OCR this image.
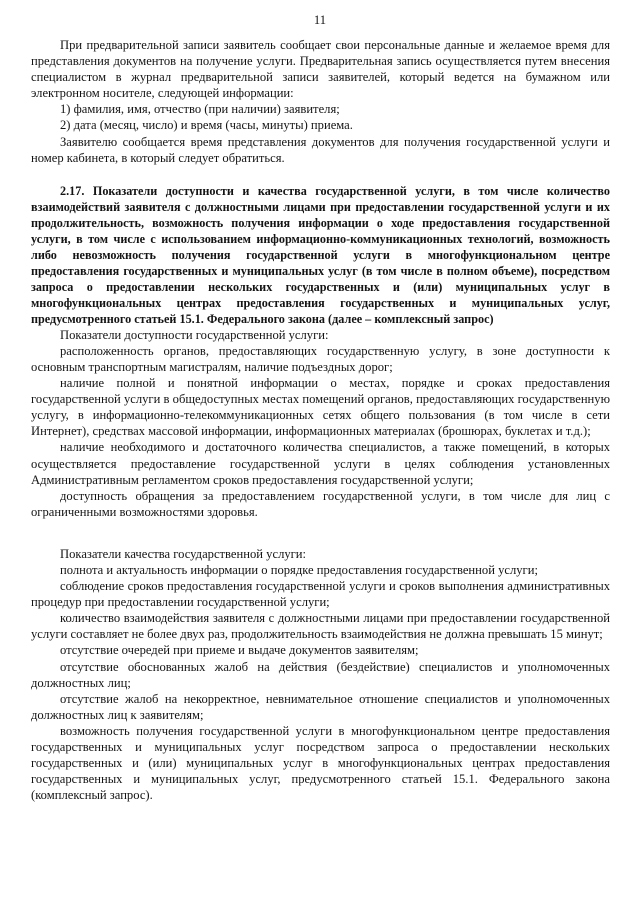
11

При предварительной записи заявитель сообщает свои персональные данные и желаемое время для представления документов на получение услуги. Предварительная запись осуществляется путем внесения специалистом в журнал предварительной записи заявителей, который ведется на бумажном или электронном носителе, следующей информации:

1) фамилия, имя, отчество (при наличии) заявителя;

2) дата (месяц, число) и время (часы, минуты) приема.

Заявителю сообщается время представления документов для получения государственной услуги и номер кабинета, в который следует обратиться.

2.17. Показатели доступности и качества государственной услуги, в том числе количество взаимодействий заявителя с должностными лицами при предоставлении государственной услуги и их продолжительность, возможность получения информации о ходе предоставления государственной услуги, в том числе с использованием информационно-коммуникационных технологий, возможность либо невозможность получения государственной услуги в многофункциональном центре предоставления государственных и муниципальных услуг (в том числе в полном объеме), посредством запроса о предоставлении нескольких государственных и (или) муниципальных услуг в многофункциональных центрах предоставления государственных и муниципальных услуг, предусмотренного статьей 15.1. Федерального закона (далее – комплексный запрос)

Показатели доступности государственной услуги:

расположенность органов, предоставляющих государственную услугу, в зоне доступности к основным транспортным магистралям, наличие подъездных дорог;

наличие полной и понятной информации о местах, порядке и сроках предоставления государственной услуги в общедоступных местах помещений органов, предоставляющих государственную услугу, в информационно-телекоммуникационных сетях общего пользования (в том числе в сети Интернет), средствах массовой информации, информационных материалах (брошюрах, буклетах и т.д.);

наличие необходимого и достаточного количества специалистов, а также помещений, в которых осуществляется предоставление государственной услуги в целях соблюдения установленных Административным регламентом сроков предоставления государственной услуги;

доступность обращения за предоставлением государственной услуги, в том числе для лиц с ограниченными возможностями здоровья.

Показатели качества государственной услуги:

полнота и актуальность информации о порядке предоставления государственной услуги;

соблюдение сроков предоставления государственной услуги и сроков выполнения административных процедур при предоставлении государственной услуги;

количество взаимодействия заявителя с должностными лицами при предоставлении государственной услуги составляет не более двух раз, продолжительность взаимодействия не должна превышать 15 минут;

отсутствие очередей при приеме и выдаче документов заявителям;

отсутствие обоснованных жалоб на действия (бездействие) специалистов и уполномоченных должностных лиц;

отсутствие жалоб на некорректное, невнимательное отношение специалистов и уполномоченных должностных лиц к заявителям;

возможность получения государственной услуги в многофункциональном центре предоставления государственных и муниципальных услуг посредством запроса о предоставлении нескольких государственных и (или) муниципальных услуг в многофункциональных центрах предоставления государственных и муниципальных услуг, предусмотренного статьей 15.1. Федерального закона (комплексный запрос).
